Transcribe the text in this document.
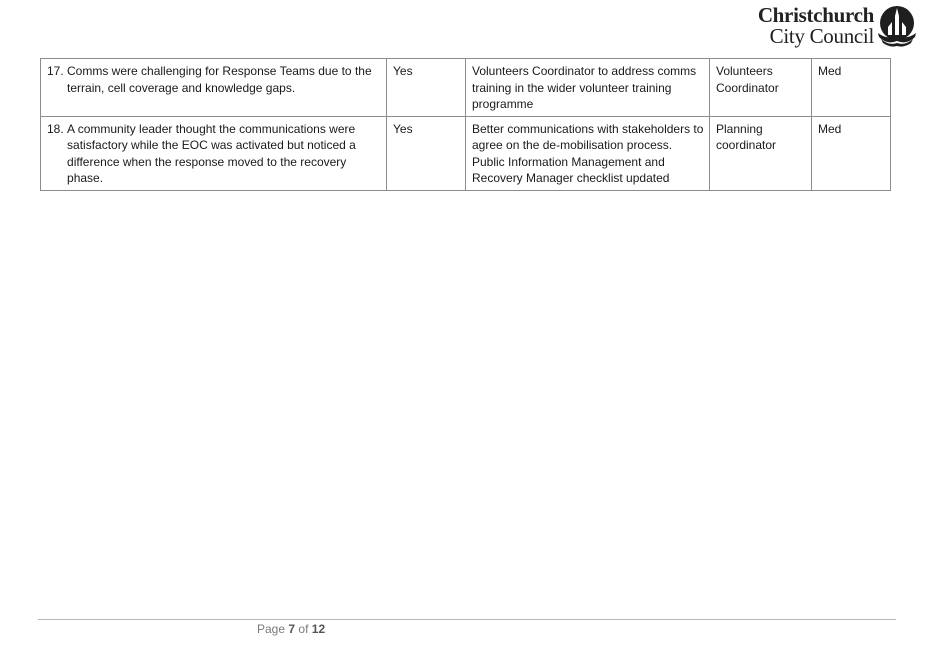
Christchurch
City Council
17. Comms were challenging for Response Teams due to the terrain, cell coverage and knowledge gaps.	Yes	Volunteers Coordinator to address comms training in the wider volunteer training programme	Volunteers Coordinator	Med

18. A community leader thought the communications were satisfactory while the EOC was activated but noticed a difference when the response moved to the recovery phase.	Yes	Better communications with stakeholders to agree on the de-mobilisation process. Public Information Management and Recovery Manager checklist updated	Planning coordinator	Med
Page 7 of 12
